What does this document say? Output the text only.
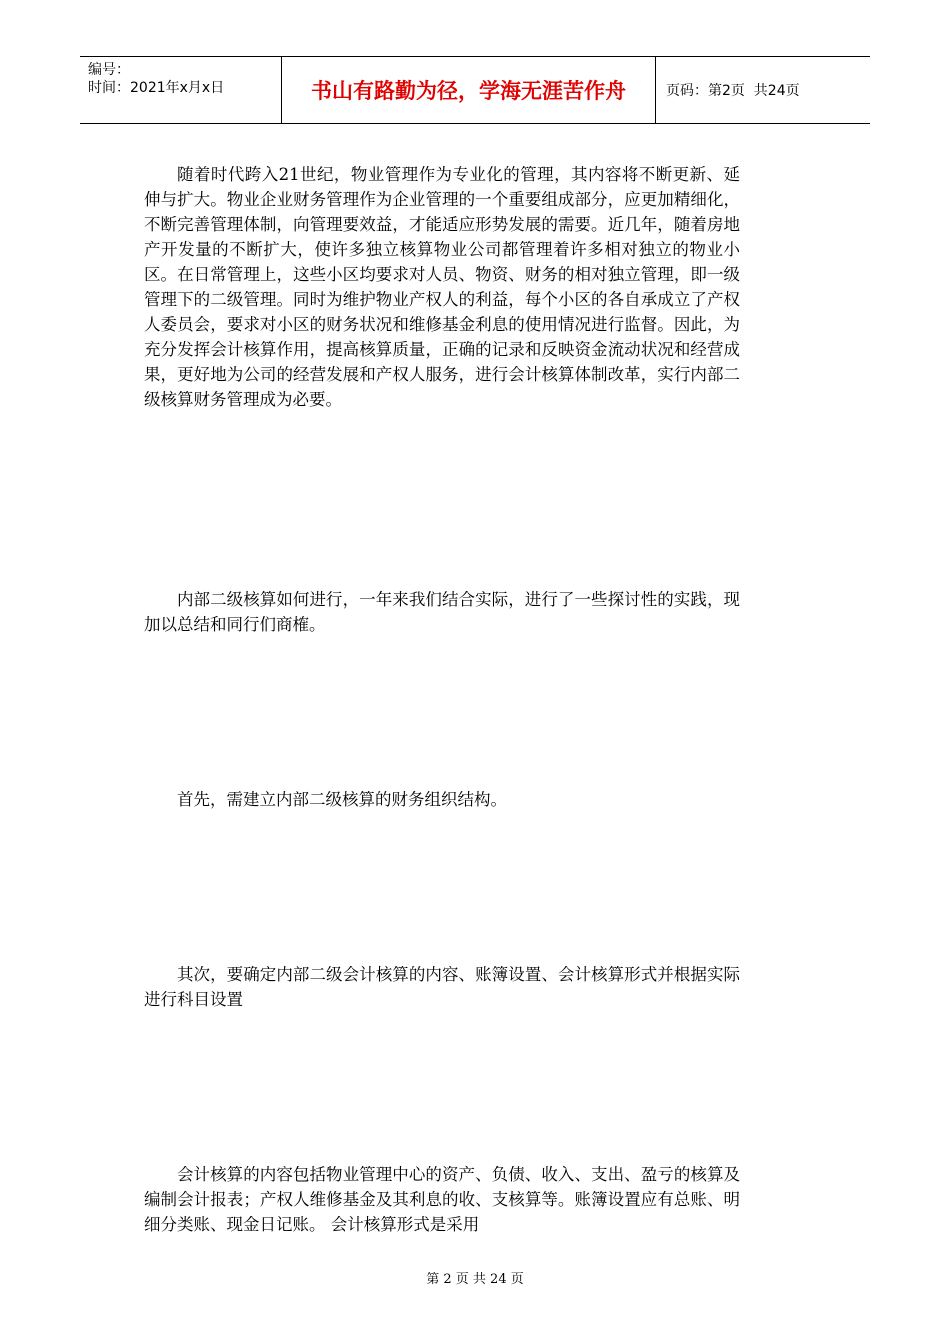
编号：
时间：2021年x月x日	书山有路勤为径，学海无涯苦作舟	页码：第2页  共24页

随着时代跨入21世纪，物业管理作为专业化的管理，其内容将不断更新、延伸与扩大。物业企业财务管理作为企业管理的一个重要组成部分，应更加精细化，不断完善管理体制，向管理要效益，才能适应形势发展的需要。近几年，随着房地产开发量的不断扩大，使许多独立核算物业公司都管理着许多相对独立的物业小区。在日常管理上，这些小区均要求对人员、物资、财务的相对独立管理，即一级管理下的二级管理。同时为维护物业产权人的利益，每个小区的各自承成立了产权人委员会，要求对小区的财务状况和维修基金利息的使用情况进行监督。因此，为充分发挥会计核算作用，提高核算质量，正确的记录和反映资金流动状况和经营成果，更好地为公司的经营发展和产权人服务，进行会计核算体制改革，实行内部二级核算财务管理成为必要。

内部二级核算如何进行，一年来我们结合实际，进行了一些探讨性的实践，现加以总结和同行们商榷。

首先，需建立内部二级核算的财务组织结构。

其次，要确定内部二级会计核算的内容、账簿设置、会计核算形式并根据实际进行科目设置

会计核算的内容包括物业管理中心的资产、负债、收入、支出、盈亏的核算及编制会计报表；产权人维修基金及其利息的收、支核算等。账簿设置应有总账、明细分类账、现金日记账。 会计核算形式是采用

第 2 页 共 24 页
